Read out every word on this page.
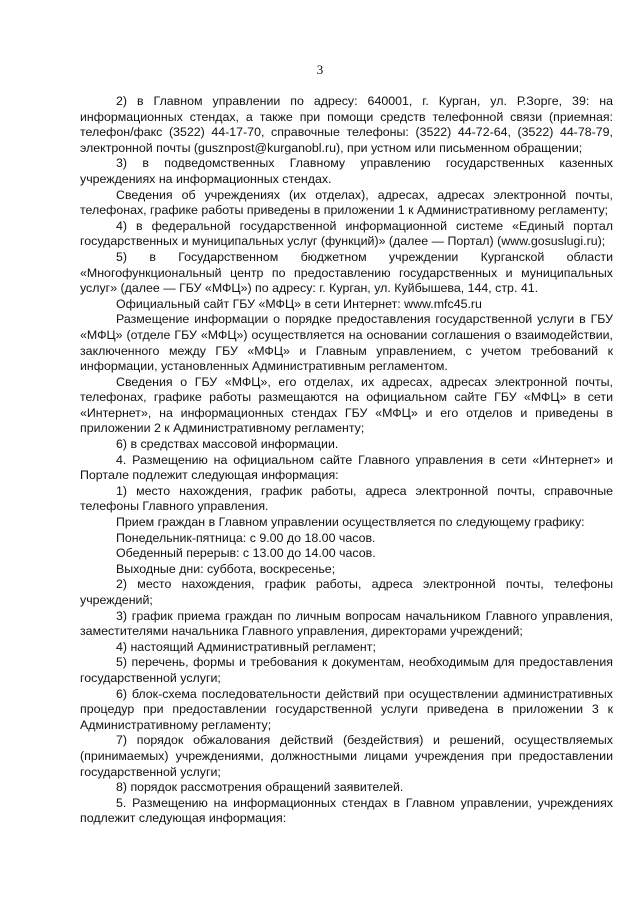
3

2) в Главном управлении по адресу: 640001, г. Курган, ул. Р.Зорге, 39: на информационных стендах, а также при помощи средств телефонной связи (приемная: телефон/факс (3522) 44-17-70, справочные телефоны: (3522) 44-72-64, (3522) 44-78-79, электронной почты (gusznpost@kurganobl.ru), при устном или письменном обращении;

3) в подведомственных Главному управлению государственных казенных учреждениях на информационных стендах.

Сведения об учреждениях (их отделах), адресах, адресах электронной почты, телефонах, графике работы приведены в приложении 1 к Административному регламенту;

4) в федеральной государственной информационной системе «Единый портал государственных и муниципальных услуг (функций)» (далее — Портал) (www.gosuslugi.ru);

5) в Государственном бюджетном учреждении Курганской области «Многофункциональный центр по предоставлению государственных и муниципальных услуг» (далее — ГБУ «МФЦ») по адресу: г. Курган, ул. Куйбышева, 144, стр. 41.

Официальный сайт ГБУ «МФЦ» в сети Интернет: www.mfc45.ru

Размещение информации о порядке предоставления государственной услуги в ГБУ «МФЦ» (отделе ГБУ «МФЦ») осуществляется на основании соглашения о взаимодействии, заключенного между ГБУ «МФЦ» и Главным управлением, с учетом требований к информации, установленных Административным регламентом.

Сведения о ГБУ «МФЦ», его отделах, их адресах, адресах электронной почты, телефонах, графике работы размещаются на официальном сайте ГБУ «МФЦ» в сети «Интернет», на информационных стендах ГБУ «МФЦ» и его отделов и приведены в приложении 2 к Административному регламенту;

6) в средствах массовой информации.

4. Размещению на официальном сайте Главного управления в сети «Интернет» и Портале подлежит следующая информация:

1) место нахождения, график работы, адреса электронной почты, справочные телефоны Главного управления.

Прием граждан в Главном управлении осуществляется по следующему графику:

Понедельник-пятница: с 9.00 до 18.00 часов.

Обеденный перерыв: с 13.00 до 14.00 часов.

Выходные дни: суббота, воскресенье;

2) место нахождения, график работы, адреса электронной почты, телефоны учреждений;

3) график приема граждан по личным вопросам начальником Главного управления, заместителями начальника Главного управления, директорами учреждений;

4) настоящий Административный регламент;

5) перечень, формы и требования к документам, необходимым для предоставления государственной услуги;

6) блок-схема последовательности действий при осуществлении административных процедур при предоставлении государственной услуги приведена в приложении 3 к Административному регламенту;

7) порядок обжалования действий (бездействия) и решений, осуществляемых (принимаемых) учреждениями, должностными лицами учреждения при предоставлении государственной услуги;

8) порядок рассмотрения обращений заявителей.

5. Размещению на информационных стендах в Главном управлении, учреждениях подлежит следующая информация:
